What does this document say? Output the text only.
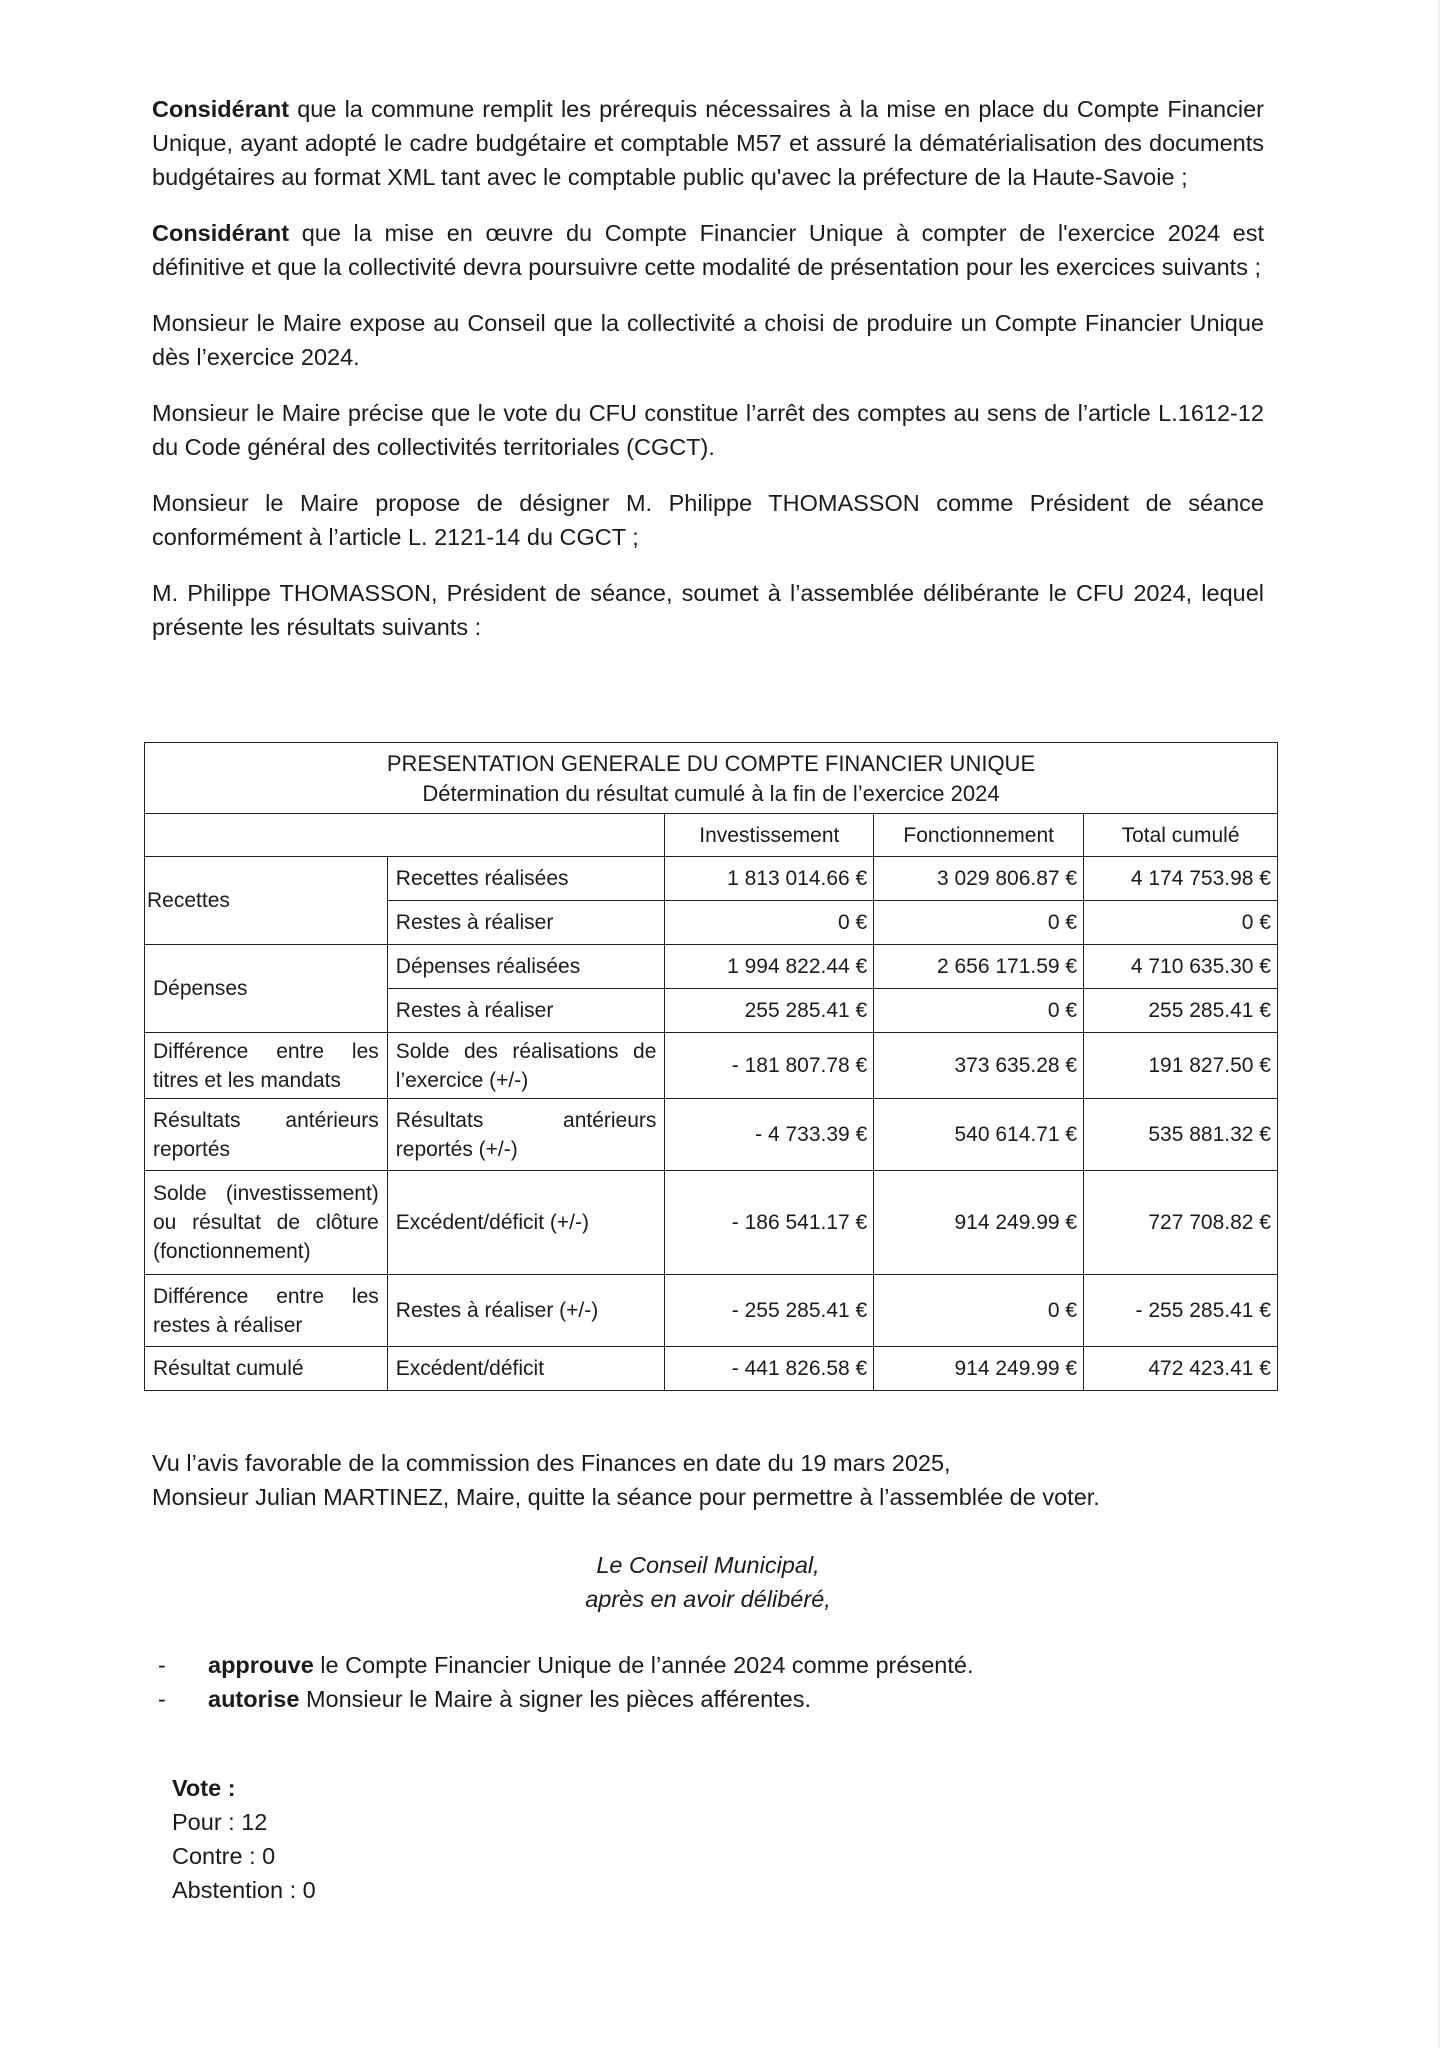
Considérant que la commune remplit les prérequis nécessaires à la mise en place du Compte Financier Unique, ayant adopté le cadre budgétaire et comptable M57 et assuré la dématérialisation des documents budgétaires au format XML tant avec le comptable public qu'avec la préfecture de la Haute-Savoie ;

Considérant que la mise en œuvre du Compte Financier Unique à compter de l'exercice 2024 est définitive et que la collectivité devra poursuivre cette modalité de présentation pour les exercices suivants ;

Monsieur le Maire expose au Conseil que la collectivité a choisi de produire un Compte Financier Unique dès l’exercice 2024.

Monsieur le Maire précise que le vote du CFU constitue l’arrêt des comptes au sens de l’article L.1612-12 du Code général des collectivités territoriales (CGCT).

Monsieur le Maire propose de désigner M. Philippe THOMASSON comme Président de séance conformément à l’article L. 2121-14 du CGCT ;

M. Philippe THOMASSON, Président de séance, soumet à l’assemblée délibérante le CFU 2024, lequel présente les résultats suivants :

PRESENTATION GENERALE DU COMPTE FINANCIER UNIQUE
Détermination du résultat cumulé à la fin de l’exercice 2024				

		Investissement	Fonctionnement	Total cumulé
Recettes	Recettes réalisées	1 813 014.66 €	3 029 806.87 €	4 174 753.98 €
	Restes à réaliser	0 €	0 €	0 €
Dépenses	Dépenses réalisées	1 994 822.44 €	2 656 171.59 €	4 710 635.30 €
	Restes à réaliser	255 285.41 €	0 €	255 285.41 €
Différence entre les titres et les mandats	Solde des réalisations de l’exercice (+/-)	- 181 807.78 €	373 635.28 €	191 827.50 €
Résultats antérieurs reportés	Résultats antérieurs reportés (+/-)	- 4 733.39 €	540 614.71 €	535 881.32 €
Solde (investissement) ou résultat de clôture (fonctionnement)	Excédent/déficit (+/-)	- 186 541.17 €	914 249.99 €	727 708.82 €
Différence entre les restes à réaliser	Restes à réaliser (+/-)	- 255 285.41 €	0 €	- 255 285.41 €
Résultat cumulé	Excédent/déficit	- 441 826.58 €	914 249.99 €	472 423.41 €
Vu l’avis favorable de la commission des Finances en date du 19 mars 2025,
Monsieur Julian MARTINEZ, Maire, quitte la séance pour permettre à l’assemblée de voter.
Le Conseil Municipal,
après en avoir délibéré,

- approuve le Compte Financier Unique de l’année 2024 comme présenté.

- autorise Monsieur le Maire à signer les pièces afférentes.

Vote :
Pour : 12
Contre : 0
Abstention : 0
